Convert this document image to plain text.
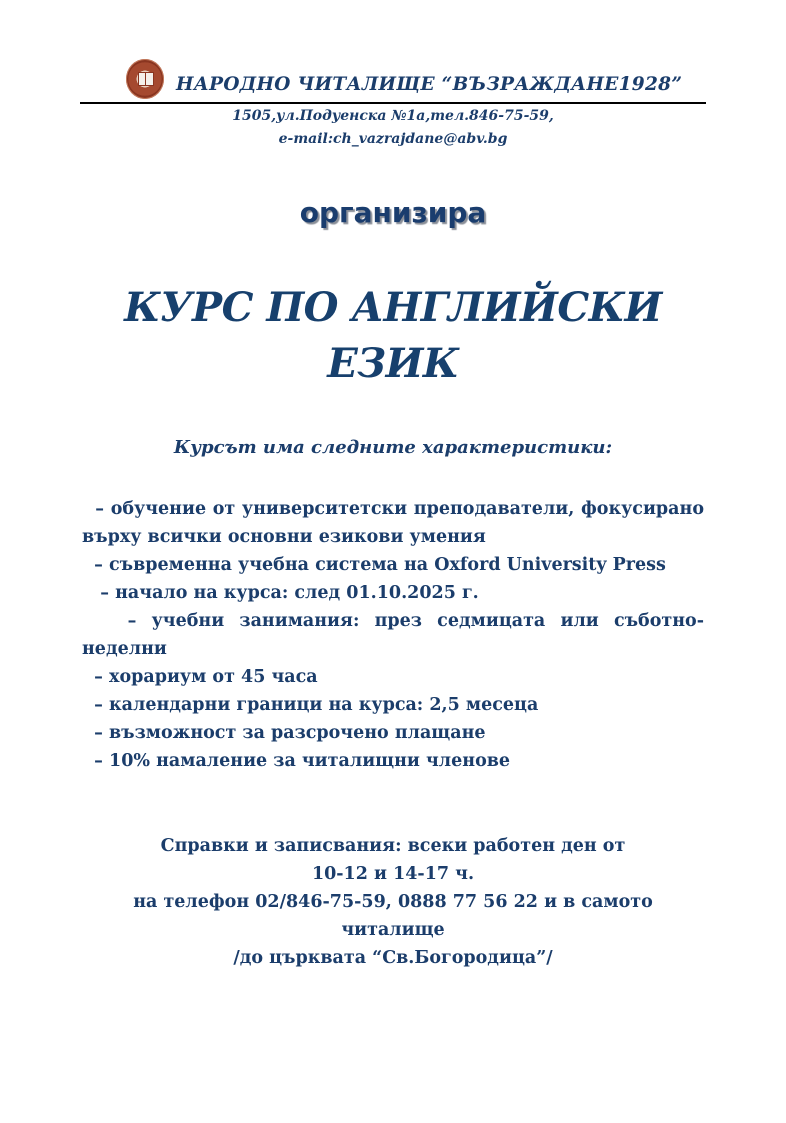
НАРОДНО ЧИТАЛИЩЕ “ВЪЗРАЖДАНЕ1928”
1505,ул.Подуенска №1а,тел.846-75-59,
e-mail:ch_vazrajdane@abv.bg
организира
КУРС ПО АНГЛИЙСКИ
ЕЗИК
Курсът има следните характеристики:

– обучение от университетски преподаватели, фокусирано върху всички основни езикови умения

– съвременна учебна система на Oxford University Press

– начало на курса: след 01.10.2025 г.

– учебни занимания: през седмицата или съботно-неделни

– хорариум от 45 часа

– календарни граници на курса: 2,5 месеца

– възможност за разсрочено плащане

– 10% намаление за читалищни членове

Справки и записвания: всеки работен ден от

10-12 и 14-17 ч.

на телефон 02/846-75-59, 0888 77 56 22 и в самото

читалище

/до църквата “Св.Богородица”/
